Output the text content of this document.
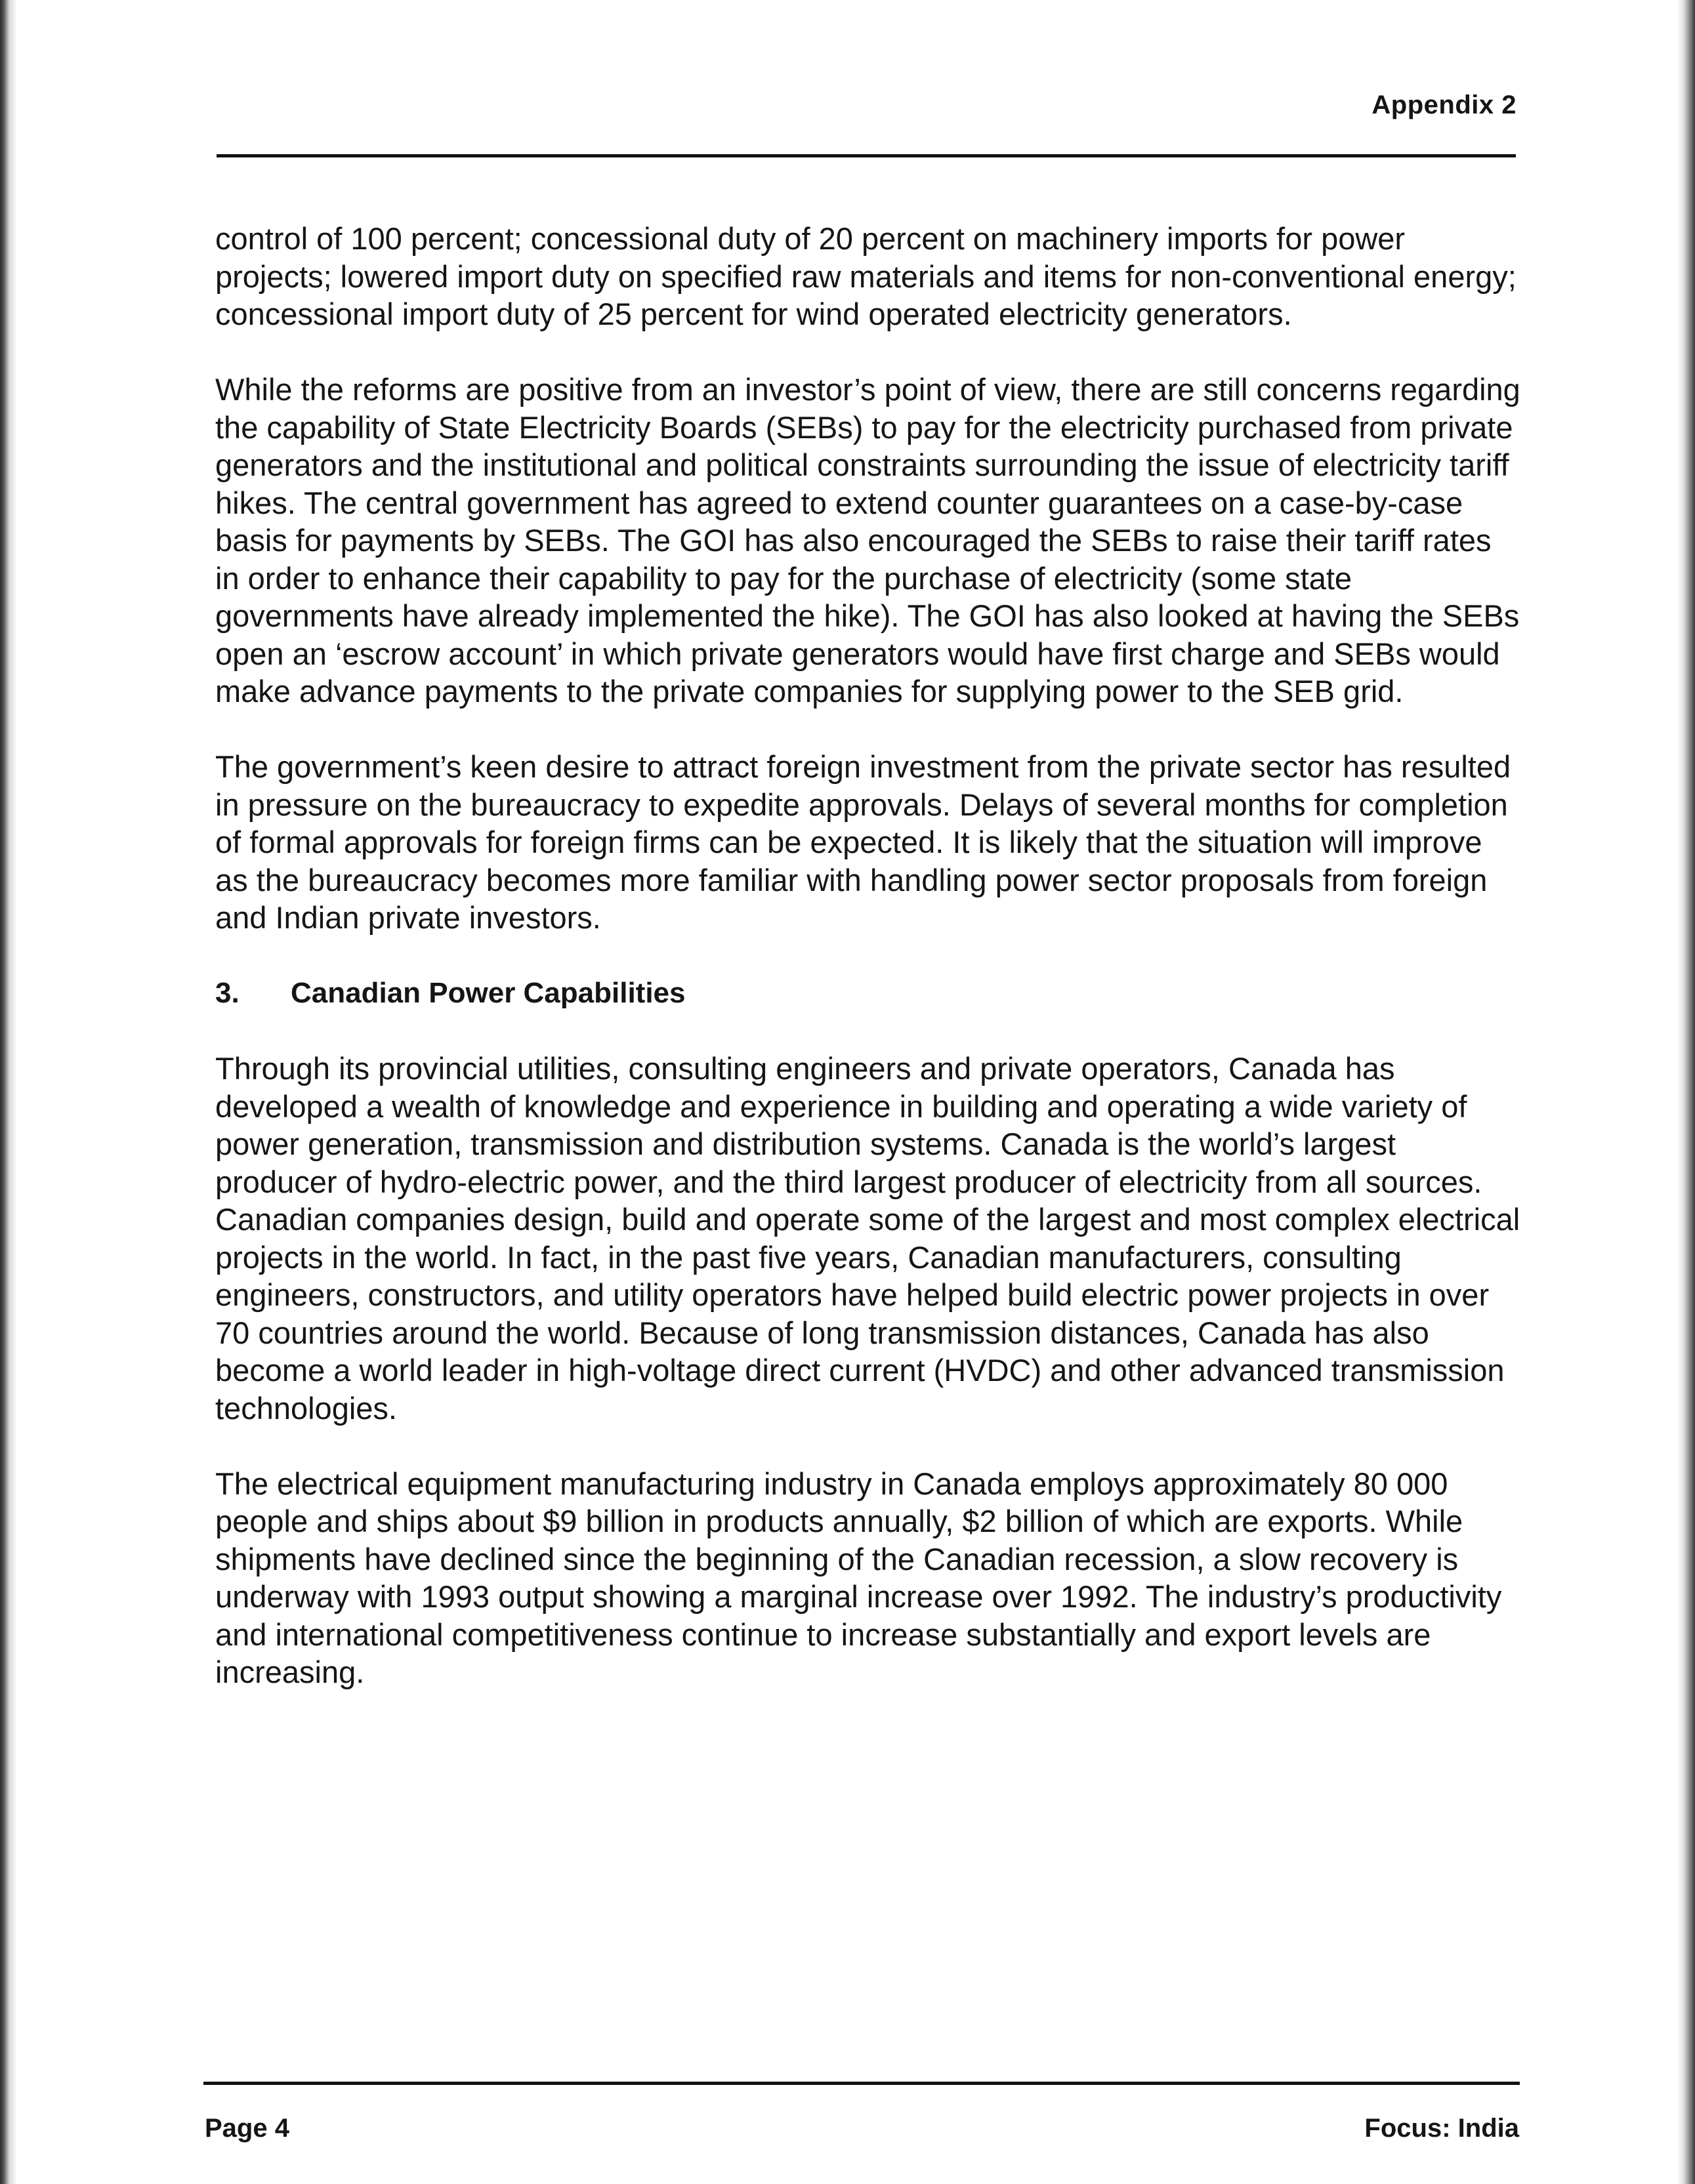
Appendix 2

control of 100 percent; concessional duty of 20 percent on machinery imports for power projects; lowered import duty on specified raw materials and items for non-conventional energy; concessional import duty of 25 percent for wind operated electricity generators.

While the reforms are positive from an investor’s point of view, there are still concerns regarding the capability of State Electricity Boards (SEBs) to pay for the electricity purchased from private generators and the institutional and political constraints surrounding the issue of electricity tariff hikes. The central government has agreed to extend counter guarantees on a case-by-case basis for payments by SEBs. The GOI has also encouraged the SEBs to raise their tariff rates in order to enhance their capability to pay for the purchase of electricity (some state governments have already implemented the hike). The GOI has also looked at having the SEBs open an ‘escrow account’ in which private generators would have first charge and SEBs would make advance payments to the private companies for supplying power to the SEB grid.

The government’s keen desire to attract foreign investment from the private sector has resulted in pressure on the bureaucracy to expedite approvals. Delays of several months for completion of formal approvals for foreign firms can be expected. It is likely that the situation will improve as the bureaucracy becomes more familiar with handling power sector proposals from foreign and Indian private investors.

3.	Canadian Power Capabilities

Through its provincial utilities, consulting engineers and private operators, Canada has developed a wealth of knowledge and experience in building and operating a wide variety of power generation, transmission and distribution systems. Canada is the world’s largest producer of hydro-electric power, and the third largest producer of electricity from all sources. Canadian companies design, build and operate some of the largest and most complex electrical projects in the world. In fact, in the past five years, Canadian manufacturers, consulting engineers, constructors, and utility operators have helped build electric power projects in over 70 countries around the world. Because of long transmission distances, Canada has also become a world leader in high-voltage direct current (HVDC) and other advanced transmission technologies.

The electrical equipment manufacturing industry in Canada employs approximately 80 000 people and ships about $9 billion in products annually, $2 billion of which are exports. While shipments have declined since the beginning of the Canadian recession, a slow recovery is underway with 1993 output showing a marginal increase over 1992. The industry’s productivity and international competitiveness continue to increase substantially and export levels are increasing.

Page 4	Focus: India
